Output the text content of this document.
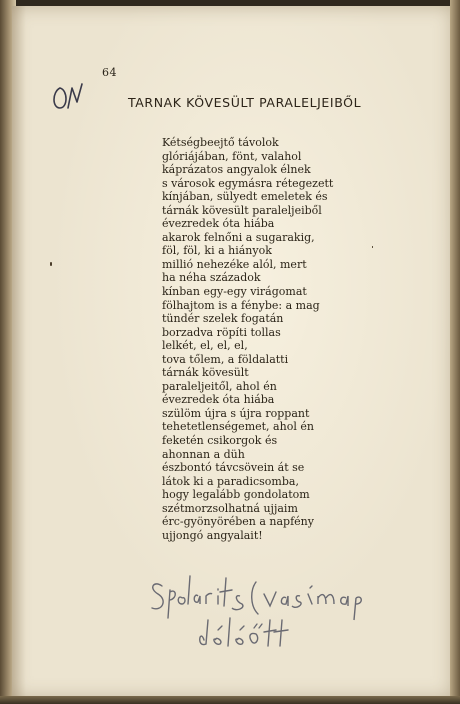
64
TARNAK KÖVESÜLT PARALELJEIBŐL
Kétségbeejtő távolok
glóriájában, fönt, valahol
káprázatos angyalok élnek
s városok egymásra rétegezett
kínjában, sülyedt emeletek és
tárnák kövesült paraleljeiből
évezredek óta hiába
akarok felnőni a sugarakig,
föl, föl, ki a hiányok
millió nehezéke alól, mert
ha néha századok
kínban egy-egy virágomat
fölhajtom is a fénybe: a mag
tündér szelek fogatán
borzadva röpíti tollas
lelkét, el, el, el,
tova tőlem, a földalatti
tárnák kövesült
paraleljeitől, ahol én
évezredek óta hiába
szülöm újra s újra roppant
tehetetlenségemet, ahol én
feketén csikorgok és
ahonnan a düh
észbontó távcsövein át se
látok ki a paradicsomba,
hogy legalább gondolatom
szétmorzsolhatná ujjaim
érc-gyönyörében a napfény
ujjongó angyalait!
